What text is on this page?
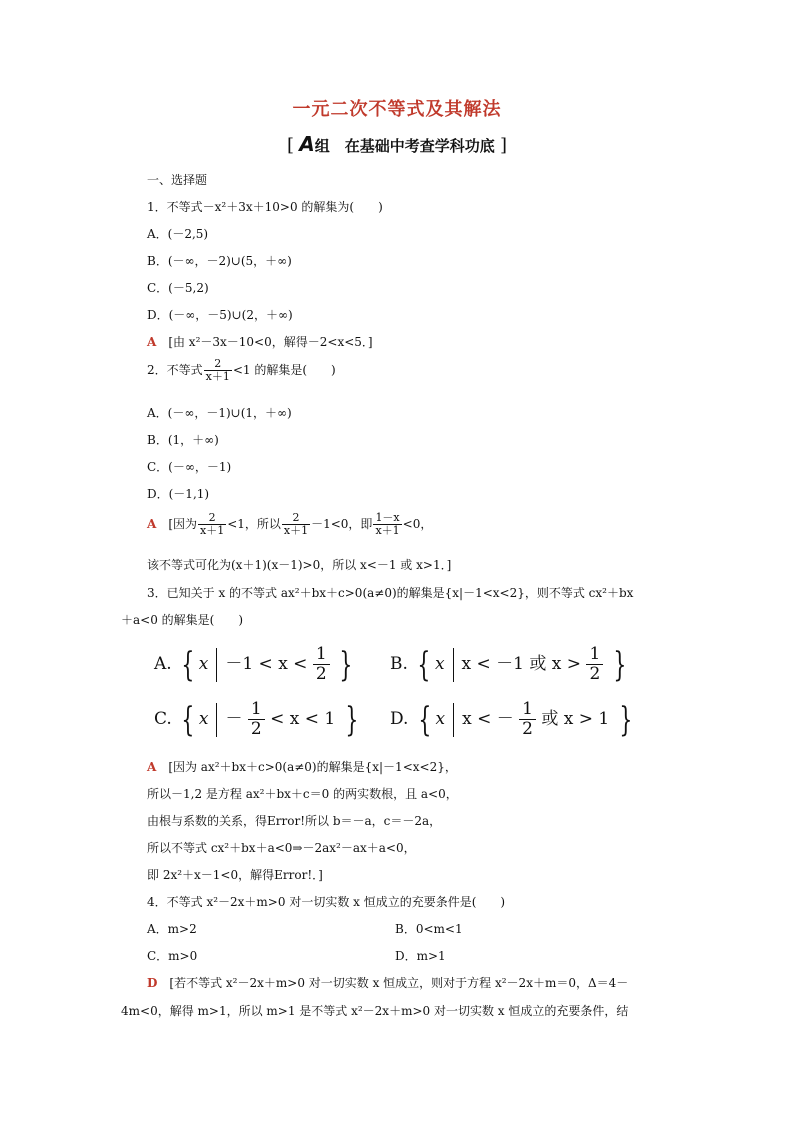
一元二次不等式及其解法
[ A组　在基础中考查学科功底 ]
一、选择题
1．不等式－x²＋3x＋10>0 的解集为(　　)
A．(－2,5)
B．(－∞，－2)∪(5，＋∞)
C．(－5,2)
D．(－∞，－5)∪(2，＋∞)
A [由 x²－3x－10<0，解得－2<x<5．]
2．不等式 $\frac{2}{x+1} <1$ 的解集是(　　)
A．(－∞，－1)∪(1，＋∞)
B．(1，＋∞)
C．(－∞，－1)
D．(－1,1)
A [因为 $\frac{2}{x+1} <1$，所以 $\frac{2}{x+1} -1<0$，即 $\frac{1-x}{x+1} <0$，
该不等式可化为(x＋1)(x－1)>0，所以 x<－1 或 x>1．]
3．已知关于 x 的不等式 ax²＋bx＋c>0(a≠0)的解集是{x|－1<x<2}，则不等式 cx²＋bx
＋a<0 的解集是(　　)
A. { $x -1 < x < \frac{1}{2}$ } B. { x x < －1 或 $x > \frac{1}{2}$ }
C. { $x - \frac{1}{2} < x < 1$ } D. { x x < － $\frac{1}{2}$ 或 x > 1 }
A [因为 ax²＋bx＋c>0(a≠0)的解集是{x|－1<x<2}，
所以－1,2 是方程 ax²＋bx＋c＝0 的两实数根，且 a<0，
由根与系数的关系，得Error!所以 b＝－a，c＝－2a，
所以不等式 cx²＋bx＋a<0⇒－2ax²－ax＋a<0，
即 2x²＋x－1<0，解得Error!．]
4．不等式 x²－2x＋m>0 对一切实数 x 恒成立的充要条件是(　　)
A．m>2	B．0<m<1
C．m>0	D．m>1
D [若不等式 x²－2x＋m>0 对一切实数 x 恒成立，则对于方程 x²－2x＋m＝0，Δ＝4－
4m<0，解得 m>1，所以 m>1 是不等式 x²－2x＋m>0 对一切实数 x 恒成立的充要条件，结
